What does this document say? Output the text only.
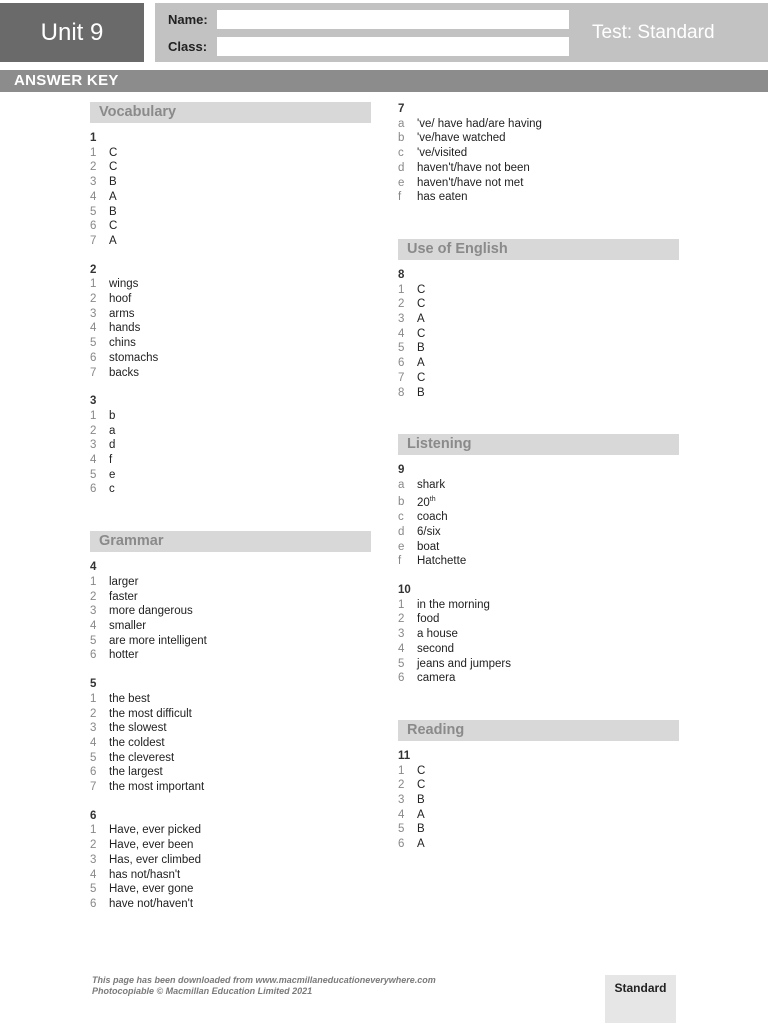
Unit 9	Name:
Class:
Test: Standard
ANSWER KEY
Vocabulary
1
1 C
2 C
3 B
4 A
5 B
6 C
7 A
2
1 wings
2 hoof
3 arms
4 hands
5 chins
6 stomachs
7 backs
3
1 b
2 a
3 d
4 f
5 e
6 c
Grammar
4
1 larger
2 faster
3 more dangerous
4 smaller
5 are more intelligent
6 hotter
5
1 the best
2 the most difficult
3 the slowest
4 the coldest
5 the cleverest
6 the largest
7 the most important
6
1 Have, ever picked
2 Have, ever been
3 Has, ever climbed
4 has not/hasn't
5 Have, ever gone
6 have not/haven't
7
a 've/ have had/are having
b 've/have watched
c 've/visited
d haven't/have not been
e haven't/have not met
f has eaten
Use of English
8
1 C
2 C
3 A
4 C
5 B
6 A
7 C
8 B
Listening
9
a shark
b 20th
c coach
d 6/six
e boat
f Hatchette
10
1 in the morning
2 food
3 a house
4 second
5 jeans and jumpers
6 camera
Reading
11
1 C
2 C
3 B
4 A
5 B
6 A
This page has been downloaded from www.macmillaneducationeverywhere.com
Photocopiable © Macmillan Education Limited 2021	Standard
